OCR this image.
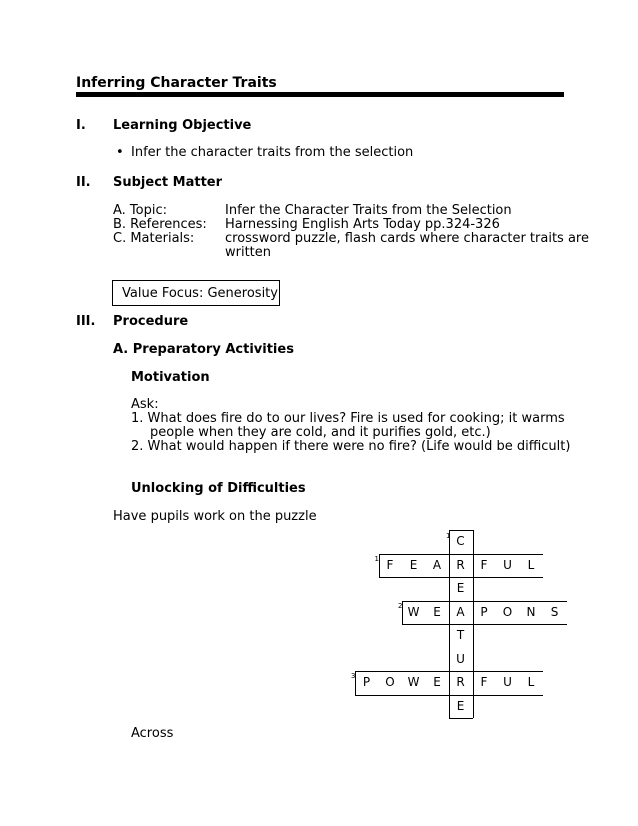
Inferring Character Traits
I. Learning Objective
• Infer the character traits from the selection
II. Subject Matter
A. Topic:	Infer the Character Traits from the Selection
B. References: Harnessing English Arts Today pp.324-326
C. Materials: crossword puzzle, flash cards where character traits are
written
Value Focus: Generosity
III. Procedure
A. Preparatory Activities
Motivation
Ask:
1. What does fire do to our lives? Fire is used for cooking; it warms
people when they are cold, and it purifies gold, etc.)
2. What would happen if there were no fire? (Life would be difficult)
Unlocking of Difficulties
Have pupils work on the puzzle
C
R
E
A
T
U
R
E
1
F	E	A	F	U	L
1
W	E	P	O	N	S
2
P	O	W	E	F	U	L
3
Across
